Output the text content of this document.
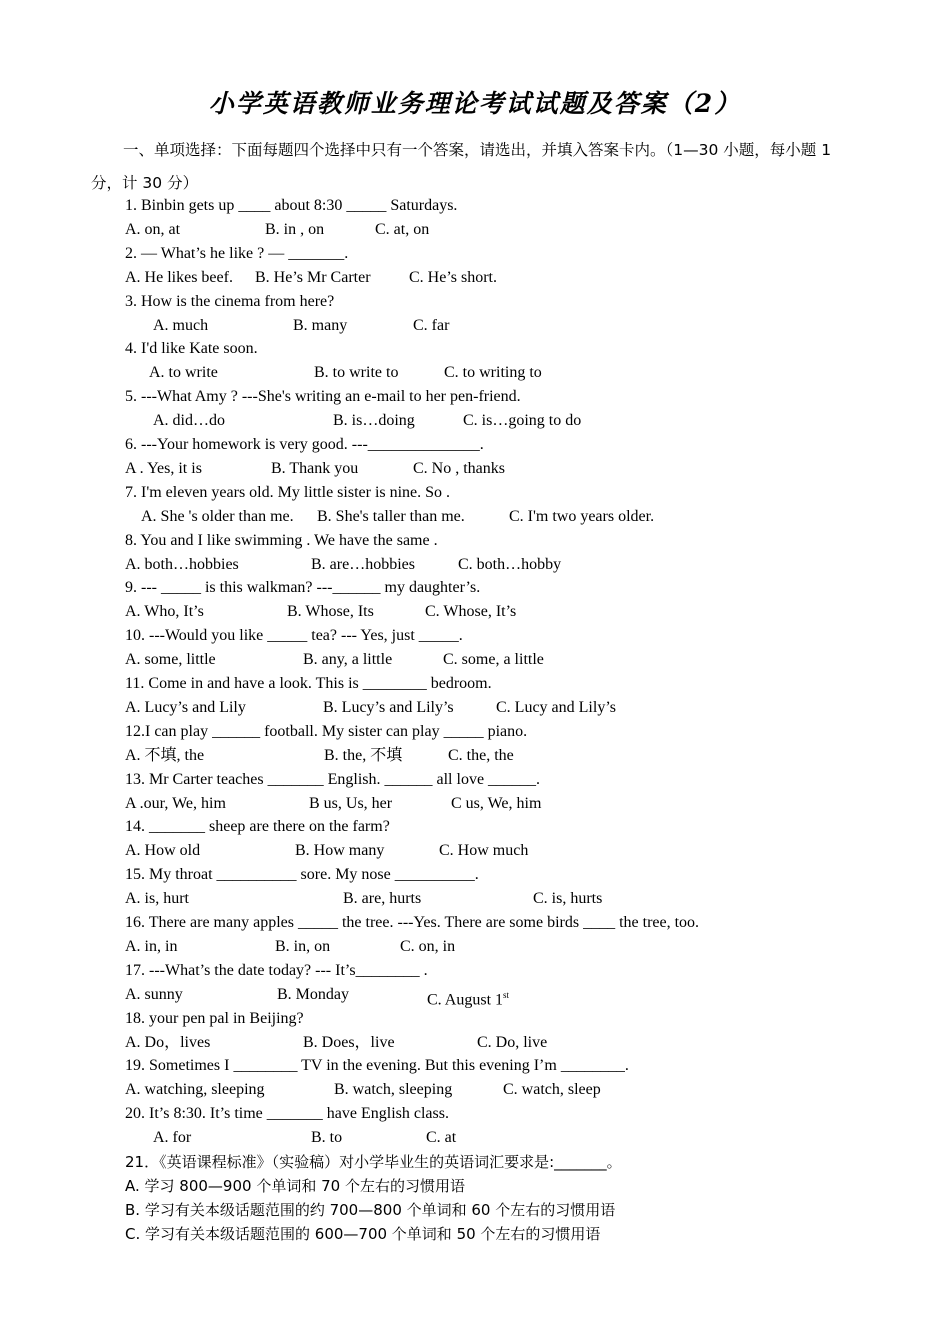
小学英语教师业务理论考试试题及答案（2）
一、单项选择：下面每题四个选择中只有一个答案，请选出，并填入答案卡内。（1—30 小题，每小题 1 分，计 30 分）
1. Binbin gets up ____ about 8:30 _____ Saturdays.
A. on, at	B. in , on	C. at, on
2. — What’s he like ? — _______.
A. He likes beef. B. He’s Mr Carter C. He’s short.
3. How is the cinema from here?
A. much	B. many	C. far
4. I'd like Kate soon.
A. to write	B. to write to	C. to writing to
5. ---What Amy ? ---She's writing an e-mail to her pen-friend.
A. did…do	B. is…doing	C. is…going to do
6. ---Your homework is very good. ---______________.
A . Yes, it is	B. Thank you	C. No , thanks
7. I'm eleven years old. My little sister is nine. So .
A. She 's older than me. B. She's taller than me.	C. I'm two years older.
8. You and I like swimming . We have the same .
A. both…hobbies	B. are…hobbies	C. both…hobby
9. --- _____ is this walkman? ---______ my daughter’s.
A. Who, It’s	B. Whose, Its	C. Whose, It’s
10. ---Would you like _____ tea? --- Yes, just _____.
A. some, little	B. any, a little	C. some, a little
11. Come in and have a look. This is ________ bedroom.
A. Lucy’s and Lily	B. Lucy’s and Lily’s	C. Lucy and Lily’s
12.I can play ______ football. My sister can play _____ piano.
A. 不填, the	B. the, 不填	C. the, the
13. Mr Carter teaches _______ English. ______ all love ______.
A .our, We, him	B us, Us, her	C us, We, him
14. _______ sheep are there on the farm?
A. How old	B. How many	C. How much
15. My throat __________ sore. My nose __________.
A. is, hurt	B. are, hurts	C. is, hurts
16. There are many apples _____ the tree. ---Yes. There are some birds ____ the tree, too.
A. in, in	B. in, on	C. on, in
17. ---What’s the date today? --- It’s________ .
A. sunny	B. Monday	C. August 1st
18. your pen pal in Beijing?
A. Do，lives	B. Does，live	C. Do, live
19. Sometimes I ________ TV in the evening. But this evening I’m ________.
A. watching, sleeping	B. watch, sleeping	C. watch, sleep
20. It’s 8:30. It’s time _______ have English class.
A. for	B. to	C. at
21．《英语课程标准》（实验稿）对小学毕业生的英语词汇要求是:_______。
A. 学习 800—900 个单词和 70 个左右的习惯用语
B. 学习有关本级话题范围的约 700—800 个单词和 60 个左右的习惯用语
C. 学习有关本级话题范围的 600—700 个单词和 50 个左右的习惯用语
